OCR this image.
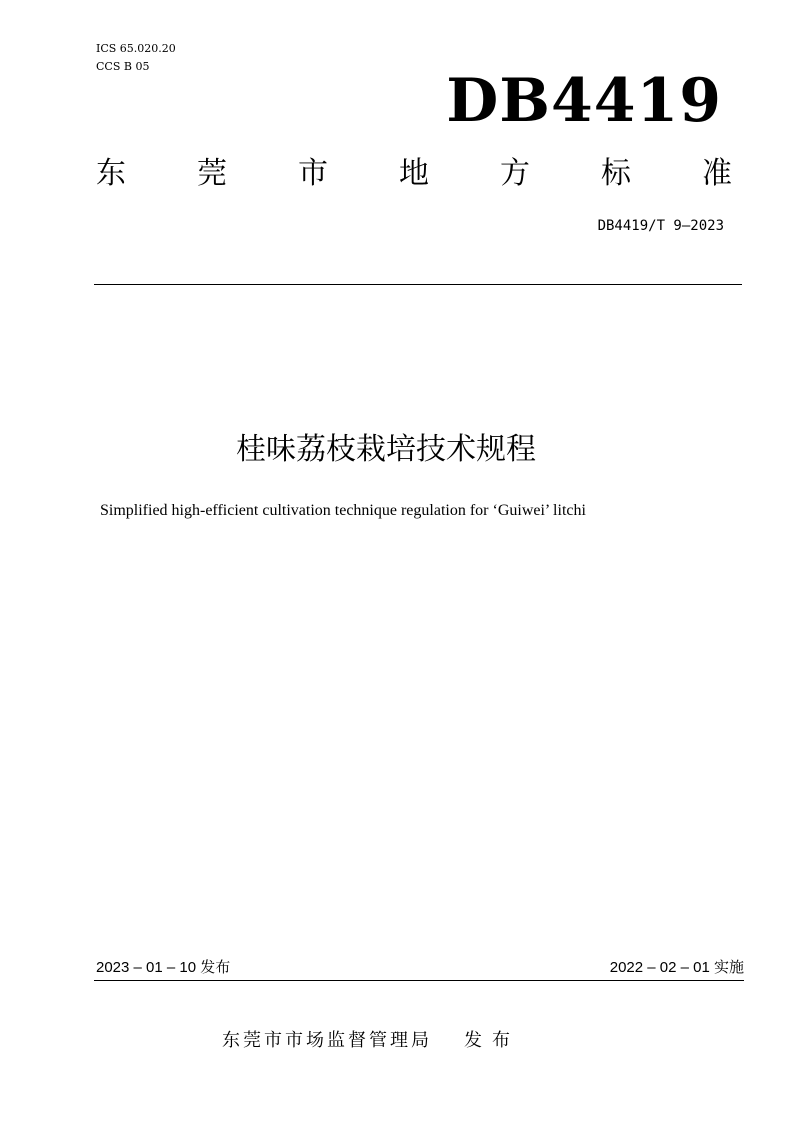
ICS 65.020.20
CCS B 05	DB4419
东 莞 市 地 方 标 准
DB4419/T 9—2023
桂味荔枝栽培技术规程
Simplified high-efficient cultivation technique regulation for ‘Guiwei’ litchi
2023 – 01 – 10 发布	2022 – 02 – 01 实施
东莞市市场监督管理局 发布
